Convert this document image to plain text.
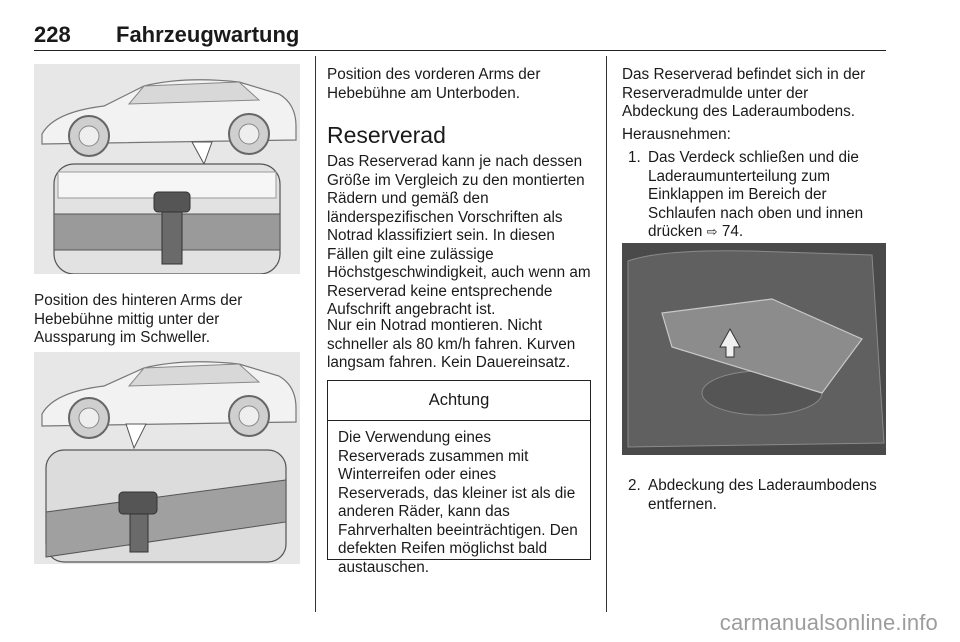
228 Fahrzeugwartung

Position des hinteren Arms der Hebebühne mittig unter der Aussparung im Schweller.

Position des vorderen Arms der Hebebühne am Unterboden.

Reserverad

Das Reserverad kann je nach dessen Größe im Vergleich zu den montierten Rädern und gemäß den länderspezifischen Vorschriften als Notrad klassifiziert sein. In diesen Fällen gilt eine zulässige Höchstgeschwindigkeit, auch wenn am Reserverad keine entsprechende Aufschrift angebracht ist.

Nur ein Notrad montieren. Nicht schneller als 80 km/h fahren. Kurven langsam fahren. Kein Dauereinsatz.

Achtung
Die Verwendung eines Reserverads zusammen mit Winterreifen oder eines Reserverads, das kleiner ist als die anderen Räder, kann das Fahrverhalten beeinträchtigen. Den defekten Reifen möglichst bald austauschen.

Das Reserverad befindet sich in der Reserveradmulde unter der Abdeckung des Laderaumbodens.

Herausnehmen:

1. Das Verdeck schließen und die Laderaumunterteilung zum Einklappen im Bereich der Schlaufen nach oben und innen drücken ⇨ 74.
2. Abdeckung des Laderaumbodens entfernen.
carmanualsonline.info
